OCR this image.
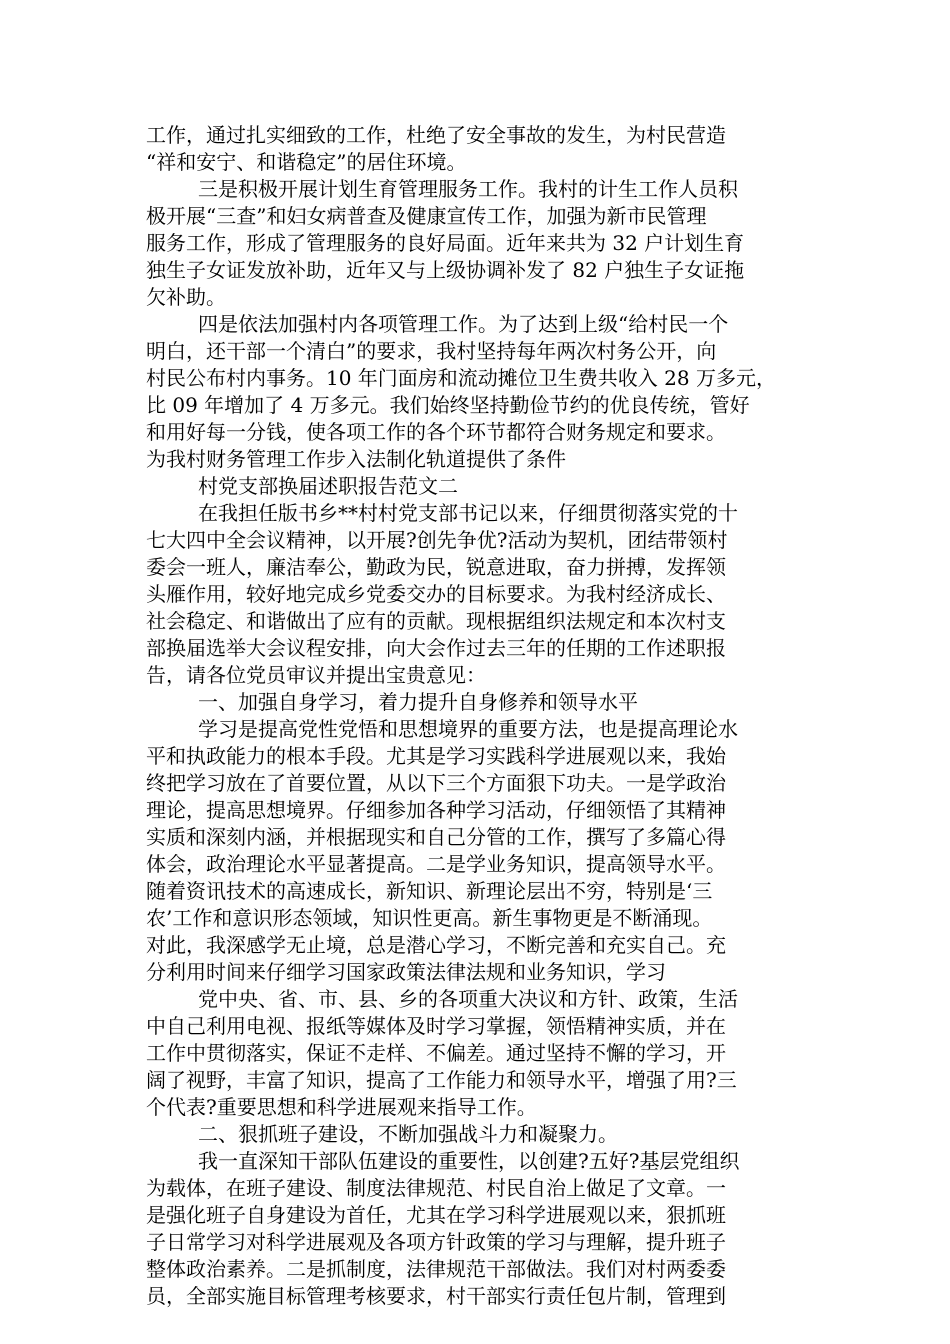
工作，通过扎实细致的工作，杜绝了安全事故的发生，为村民营造
“祥和安宁、和谐稳定”的居住环境。
三是积极开展计划生育管理服务工作。我村的计生工作人员积
极开展“三查”和妇女病普查及健康宣传工作，加强为新市民管理
服务工作，形成了管理服务的良好局面。近年来共为 32 户计划生育
独生子女证发放补助，近年又与上级协调补发了 82 户独生子女证拖
欠补助。
四是依法加强村内各项管理工作。为了达到上级“给村民一个
明白，还干部一个清白”的要求，我村坚持每年两次村务公开，向
村民公布村内事务。10 年门面房和流动摊位卫生费共收入 28 万多元，
比 09 年增加了 4 万多元。我们始终坚持勤俭节约的优良传统，管好
和用好每一分钱，使各项工作的各个环节都符合财务规定和要求。
为我村财务管理工作步入法制化轨道提供了条件
村党支部换届述职报告范文二
在我担任版书乡**村村党支部书记以来，仔细贯彻落实党的十
七大四中全会议精神，以开展?创先争优?活动为契机，团结带领村
委会一班人，廉洁奉公，勤政为民，锐意进取，奋力拼搏，发挥领
头雁作用，较好地完成乡党委交办的目标要求。为我村经济成长、
社会稳定、和谐做出了应有的贡献。现根据组织法规定和本次村支
部换届选举大会议程安排，向大会作过去三年的任期的工作述职报
告，请各位党员审议并提出宝贵意见：
一、加强自身学习，着力提升自身修养和领导水平
学习是提高党性党悟和思想境界的重要方法，也是提高理论水
平和执政能力的根本手段。尤其是学习实践科学进展观以来，我始
终把学习放在了首要位置，从以下三个方面狠下功夫。一是学政治
理论，提高思想境界。仔细参加各种学习活动，仔细领悟了其精神
实质和深刻内涵，并根据现实和自己分管的工作，撰写了多篇心得
体会，政治理论水平显著提高。二是学业务知识，提高领导水平。
随着资讯技术的高速成长，新知识、新理论层出不穷，特别是‘三
农’工作和意识形态领域，知识性更高。新生事物更是不断涌现。
对此，我深感学无止境，总是潜心学习，不断完善和充实自己。充
分利用时间来仔细学习国家政策法律法规和业务知识，学习
党中央、省、市、县、乡的各项重大决议和方针、政策，生活
中自己利用电视、报纸等媒体及时学习掌握，领悟精神实质，并在
工作中贯彻落实，保证不走样、不偏差。通过坚持不懈的学习，开
阔了视野，丰富了知识，提高了工作能力和领导水平，增强了用?三
个代表?重要思想和科学进展观来指导工作。
二、狠抓班子建设，不断加强战斗力和凝聚力。
我一直深知干部队伍建设的重要性，以创建?五好?基层党组织
为载体，在班子建设、制度法律规范、村民自治上做足了文章。一
是强化班子自身建设为首任，尤其在学习科学进展观以来，狠抓班
子日常学习对科学进展观及各项方针政策的学习与理解，提升班子
整体政治素养。二是抓制度，法律规范干部做法。我们对村两委委
员，全部实施目标管理考核要求，村干部实行责任包片制，管理到
